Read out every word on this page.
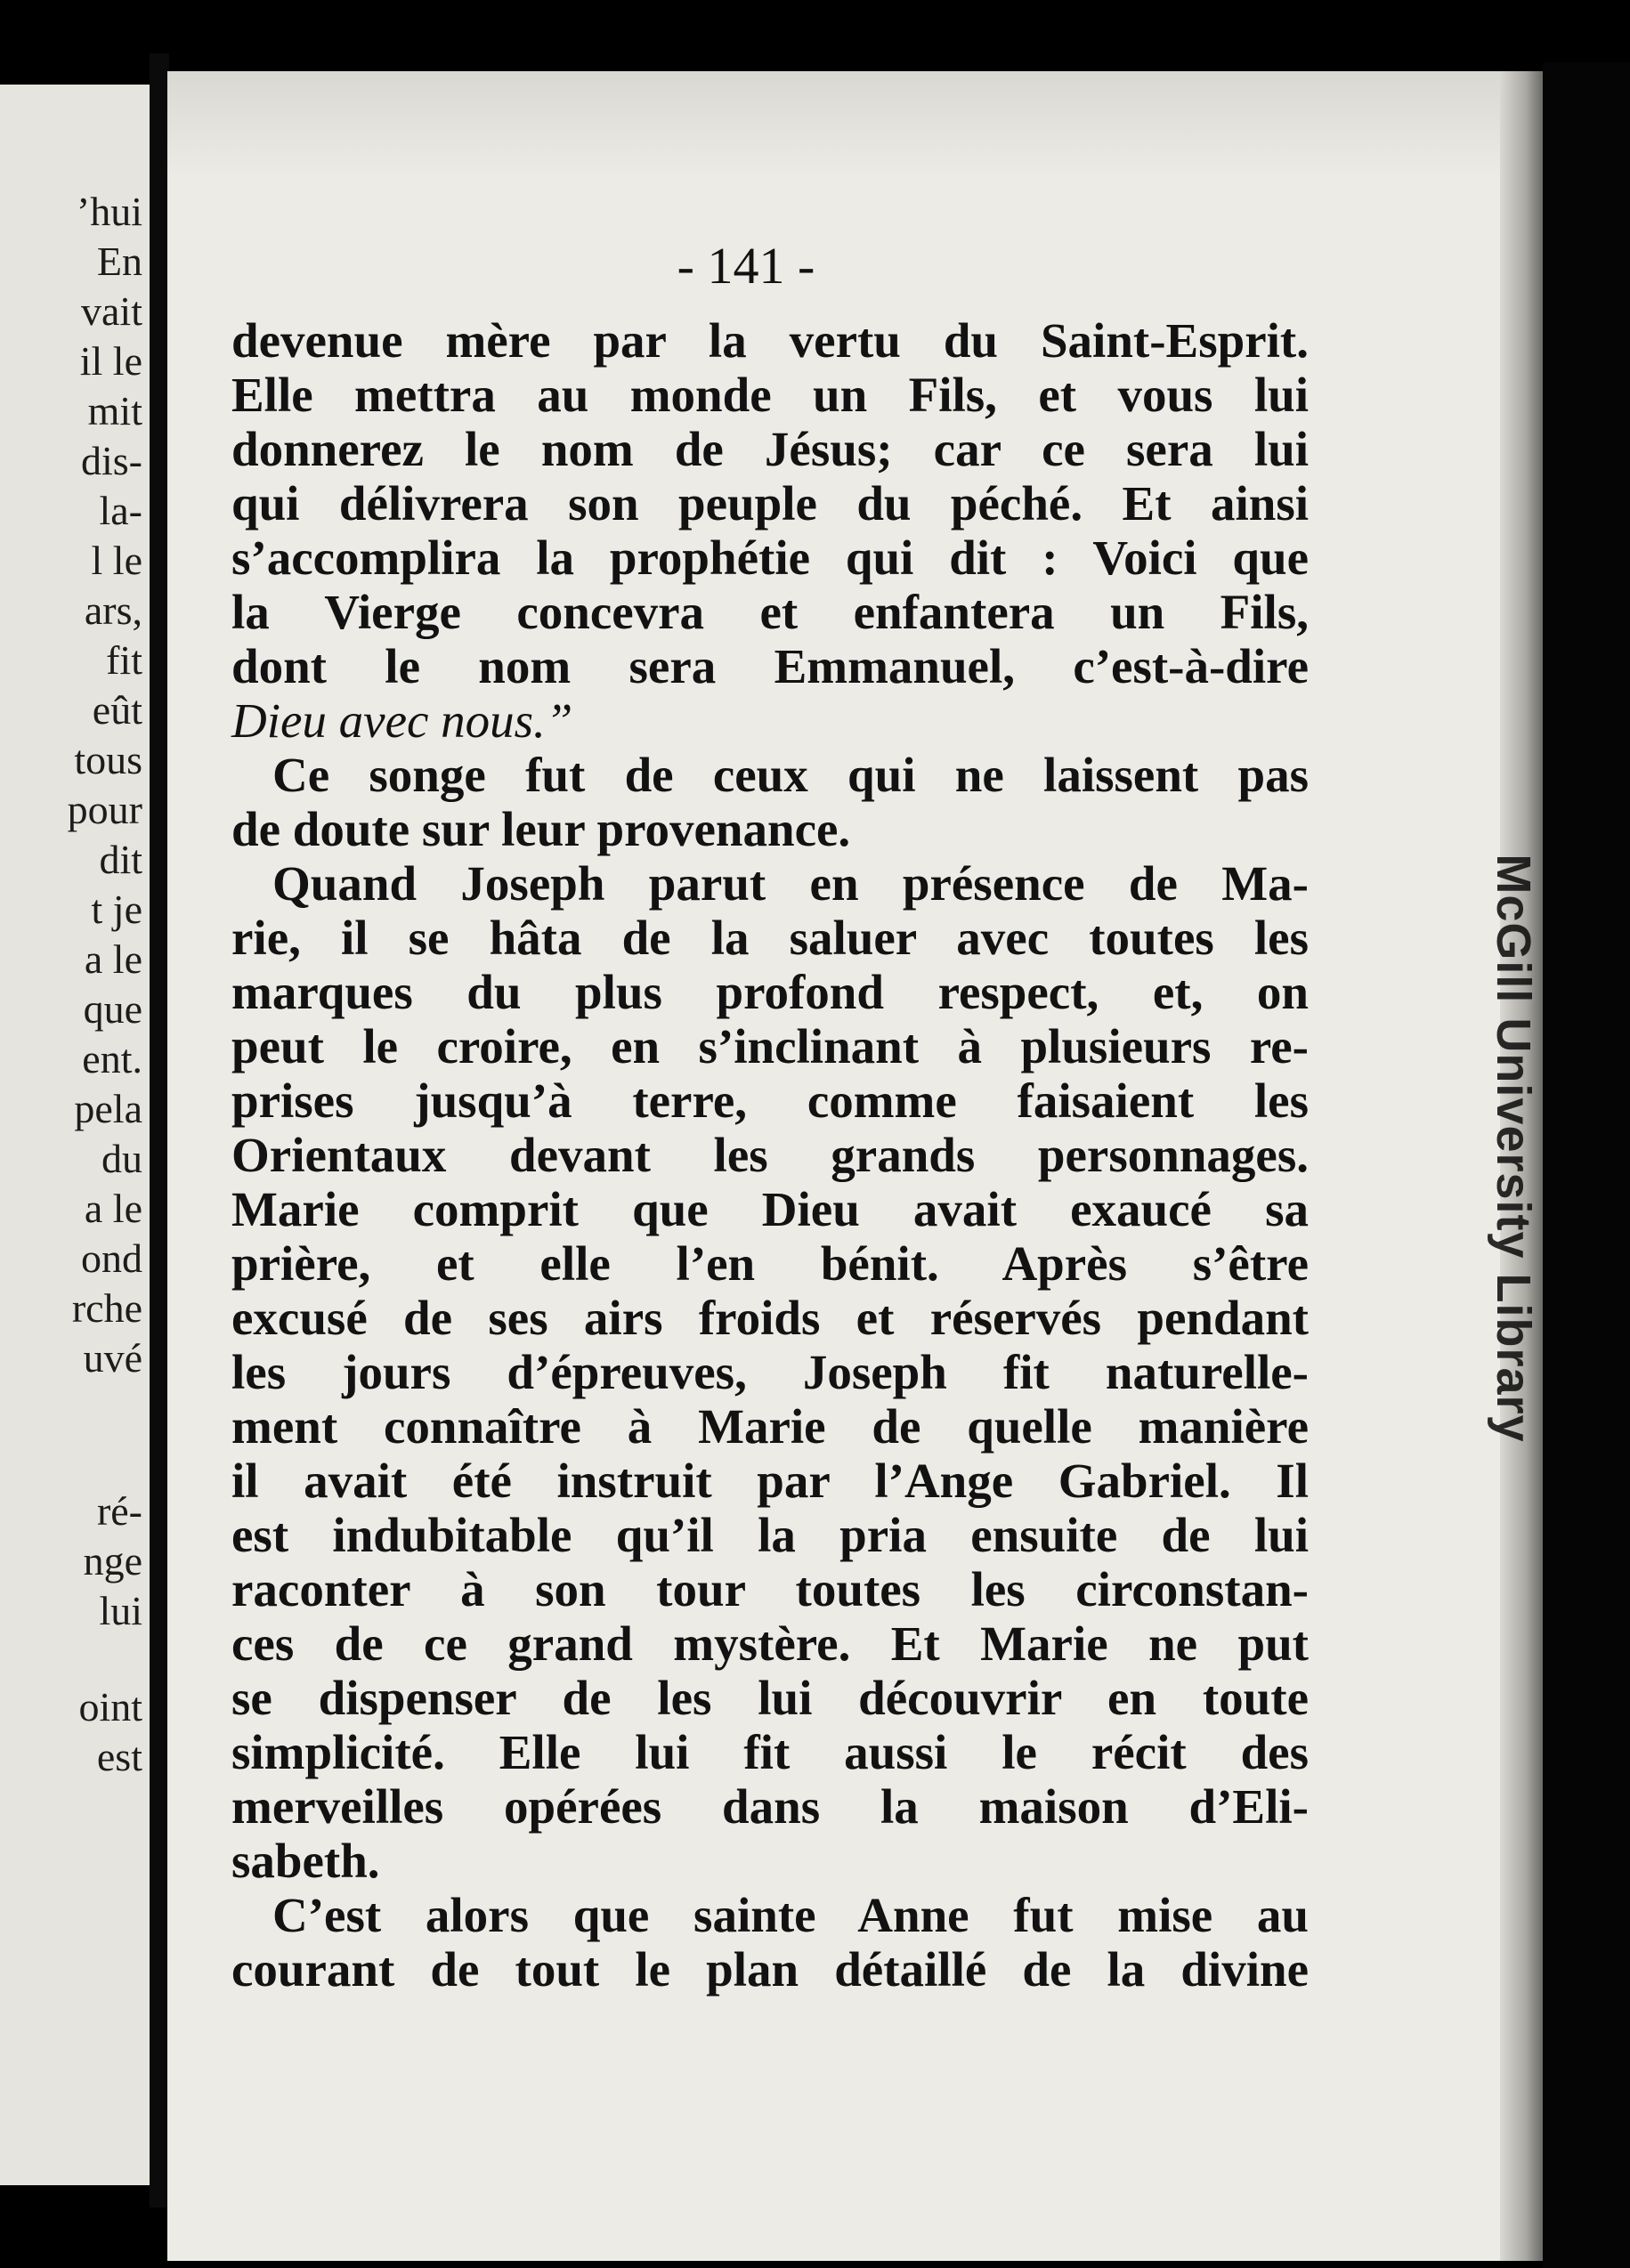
’hui
En
vait
il le
mit
dis-
la-
l le
ars,
fit
eût
tous
pour
dit
t je
a le
que
ent.
pela
du
a le
ond
rche
uvé
ré-
nge
lui
oint
est
- 141 -
devenue mère par la vertu du Saint-Esprit.
Elle mettra au monde un Fils, et vous lui
donnerez le nom de Jésus; car ce sera lui
qui délivrera son peuple du péché. Et ainsi
s’accomplira la prophétie qui dit : Voici que
la Vierge concevra et enfantera un Fils,
dont le nom sera Emmanuel, c’est-à-dire
Dieu avec nous.”
Ce songe fut de ceux qui ne laissent pas
de doute sur leur provenance.
Quand Joseph parut en présence de Ma-
rie, il se hâta de la saluer avec toutes les
marques du plus profond respect, et, on
peut le croire, en s’inclinant à plusieurs re-
prises jusqu’à terre, comme faisaient les
Orientaux devant les grands personnages.
Marie comprit que Dieu avait exaucé sa
prière, et elle l’en bénit. Après s’être
excusé de ses airs froids et réservés pendant
les jours d’épreuves, Joseph fit naturelle-
ment connaître à Marie de quelle manière
il avait été instruit par l’Ange Gabriel. Il
est indubitable qu’il la pria ensuite de lui
raconter à son tour toutes les circonstan-
ces de ce grand mystère. Et Marie ne put
se dispenser de les lui découvrir en toute
simplicité. Elle lui fit aussi le récit des
merveilles opérées dans la maison d’Eli-
sabeth.
C’est alors que sainte Anne fut mise au
courant de tout le plan détaillé de la divine
McGill University Library
